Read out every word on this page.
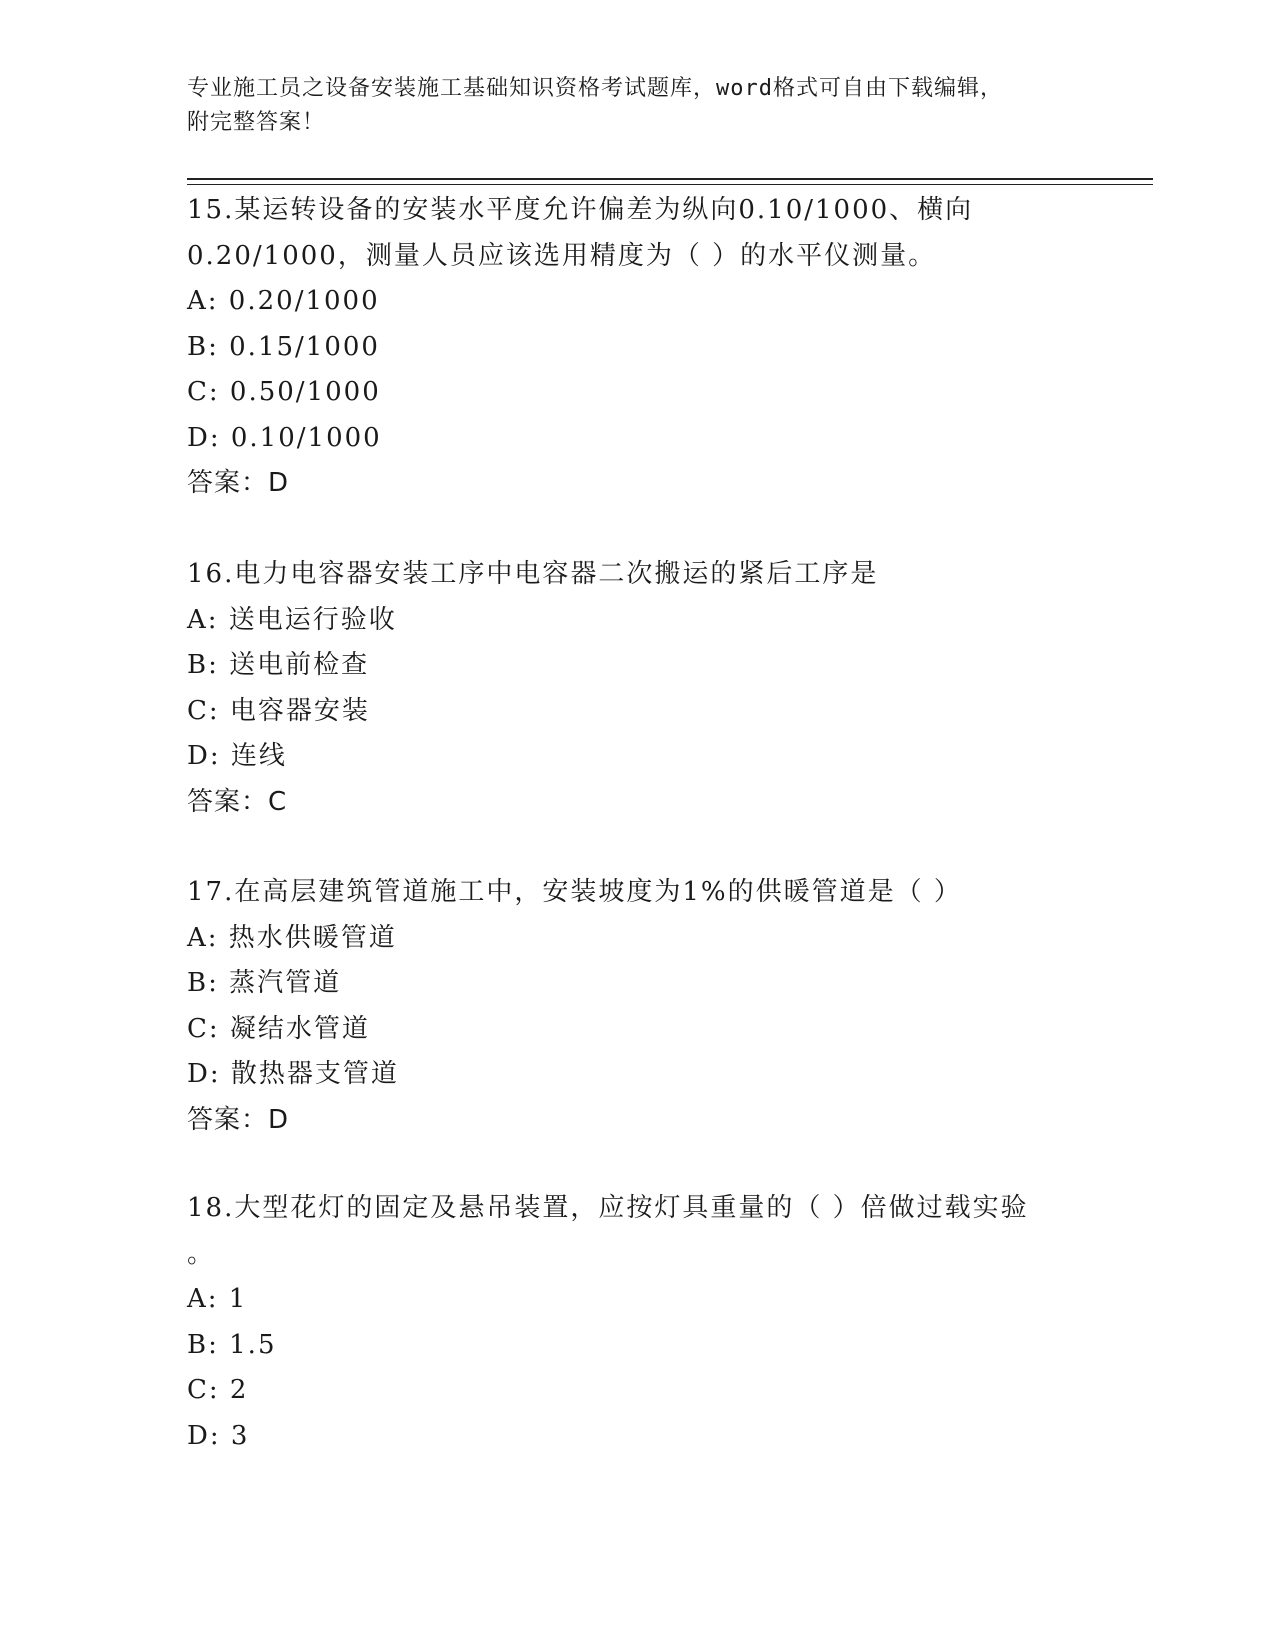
专业施工员之设备安装施工基础知识资格考试题库，word格式可自由下载编辑，
附完整答案！
15.某运转设备的安装水平度允许偏差为纵向0.10/1000、横向
0.20/1000，测量人员应该选用精度为（ ）的水平仪测量。
A: 0.20/1000
B: 0.15/1000
C: 0.50/1000
D: 0.10/1000
答案：D
16.电力电容器安装工序中电容器二次搬运的紧后工序是
A: 送电运行验收
B: 送电前检查
C: 电容器安装
D: 连线
答案：C
17.在高层建筑管道施工中，安装坡度为1%的供暖管道是（ ）
A: 热水供暖管道
B: 蒸汽管道
C: 凝结水管道
D: 散热器支管道
答案：D
18.大型花灯的固定及悬吊装置，应按灯具重量的（ ）倍做过载实验
。
A: 1
B: 1.5
C: 2
D: 3
